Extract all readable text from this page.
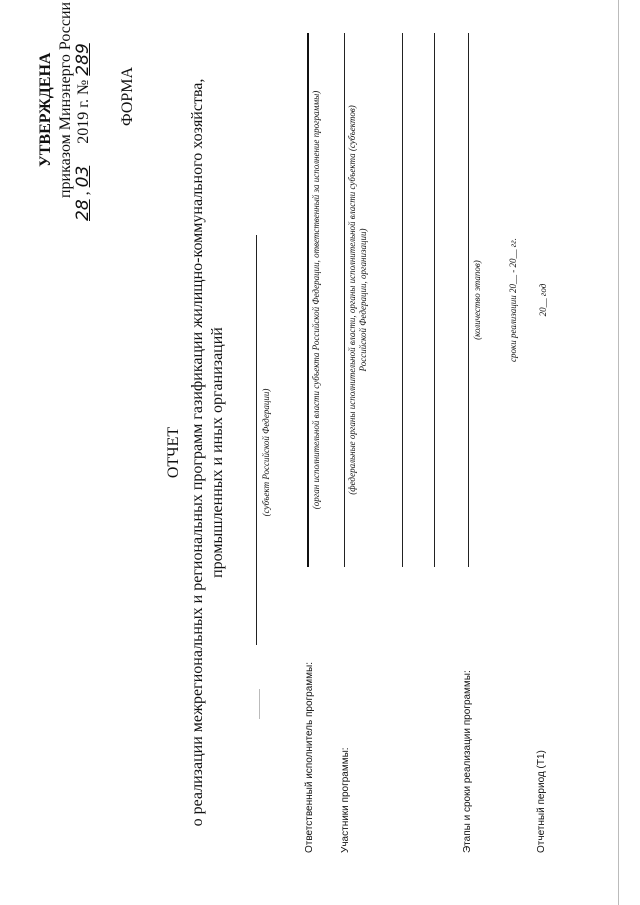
УТВЕРЖДЕНА приказом Минэнерго России
28 , 03  2019 г. № 289
ФОРМА
ОТЧЕТ о реализации межрегиональных и региональных программ газификации жилищно-коммунального хозяйства, промышленных и иных организаций	(субъект Российской Федерации)
Ответственный исполнитель программы:
(орган исполнительной власти субъекта Российской Федерации, ответственный за исполнение программы)
Участники программы:
(федеральные органы исполнительной власти, органы исполнительной власти субъекта (субъектов) Российской Федерации, организации)
Этапы и сроки реализации программы:
(количество этапов)	сроки реализации 20__ - 20__ гг.
Отчетный период (Т1)
20__ год
